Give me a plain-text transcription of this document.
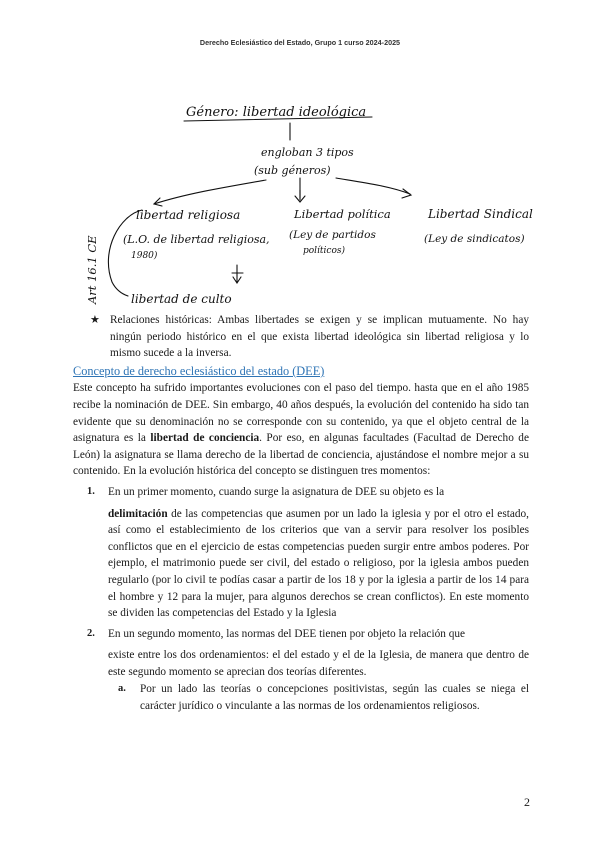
Derecho Eclesiástico del Estado, Grupo 1 curso 2024-2025
Género: libertad ideológica
engloban 3 tipos
(sub géneros)
libertad religiosa
(L.O. de libertad religiosa,
1980)
Libertad política
(Ley de partidos
políticos)
Libertad Sindical
(Ley de sindicatos)
Art 16.1 CE	libertad de culto
★ Relaciones históricas: Ambas libertades se exigen y se implican mutuamente. No hay ningún periodo histórico en el que exista libertad ideológica sin libertad religiosa y lo mismo sucede a la inversa.
Concepto de derecho eclesiástico del estado (DEE)

Este concepto ha sufrido importantes evoluciones con el paso del tiempo. hasta que en el año 1985 recibe la nominación de DEE. Sin embargo, 40 años después, la evolución del contenido ha sido tan evidente que su denominación no se corresponde con su contenido, ya que el objeto central de la asignatura es la libertad de conciencia. Por eso, en algunas facultades (Facultad de Derecho de León) la asignatura se llama derecho de la libertad de conciencia, ajustándose el nombre mejor a su contenido. En la evolución histórica del concepto se distinguen tres momentos:

1.	En un primer momento, cuando surge la asignatura de DEE su objeto es la
delimitación de las competencias que asumen por un lado la iglesia y por el otro el estado, así como el establecimiento de los criterios que van a servir para resolver los posibles conflictos que en el ejercicio de estas competencias pueden surgir entre ambos poderes. Por ejemplo, el matrimonio puede ser civil, del estado o religioso, por la iglesia ambos pueden regularlo (por lo civil te podías casar a partir de los 18 y por la iglesia a partir de los 14 para el hombre y 12 para la mujer, para algunos derechos se crean conflictos). En este momento se dividen las competencias del Estado y la Iglesia
2.	En un segundo momento, las normas del DEE tienen por objeto la relación que
existe entre los dos ordenamientos: el del estado y el de la Iglesia, de manera que dentro de este segundo momento se aprecian dos teorías diferentes.
a.	Por un lado las teorías o concepciones positivistas, según las cuales se niega el carácter jurídico o vinculante a las normas de los ordenamientos religiosos.
2
